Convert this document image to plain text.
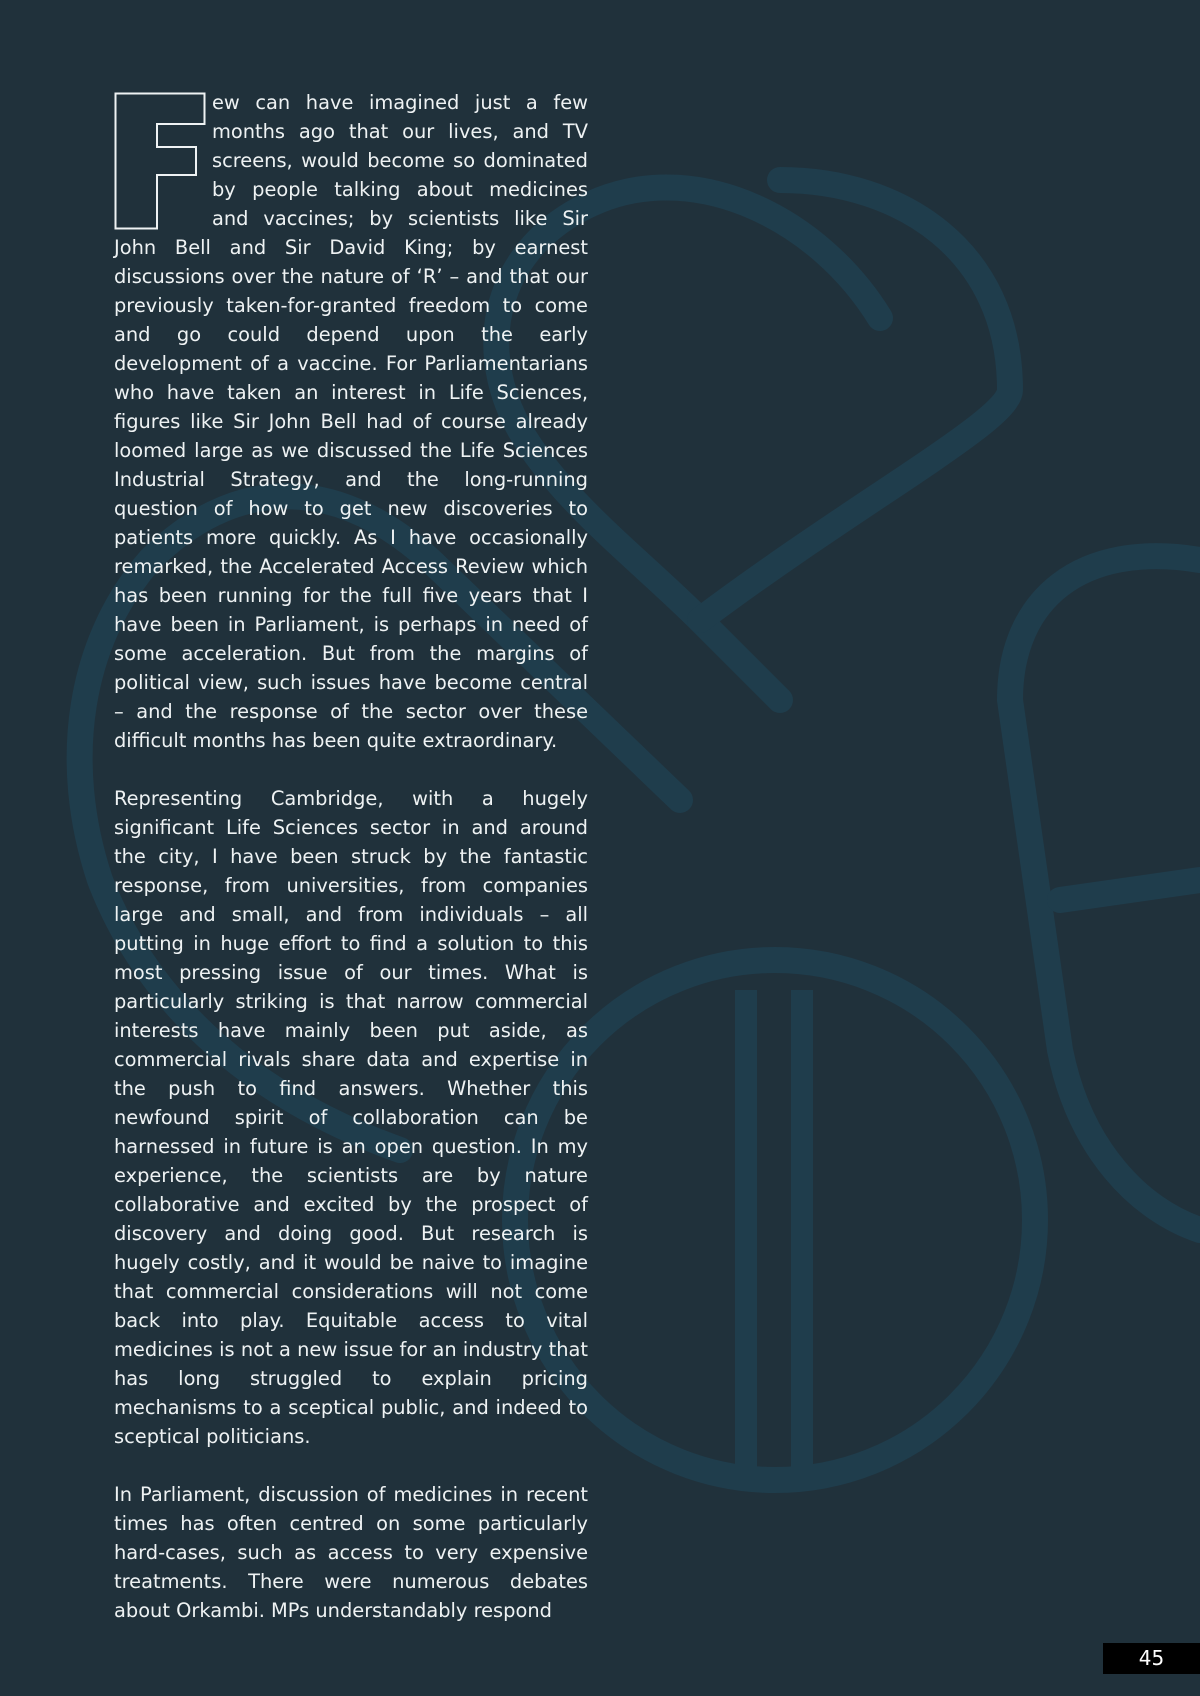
ew can have imagined just a few months ago that our lives, and TV screens, would become so dominated by people talking about medicines and vaccines; by scientists like Sir John Bell and Sir David King; by earnest discussions over the nature of ‘R’ – and that our previously taken-for-granted freedom to come and go could depend upon the early development of a vaccine. For Parliamentarians who have taken an interest in Life Sciences, figures like Sir John Bell had of course already loomed large as we discussed the Life Sciences Industrial Strategy, and the long-running question of how to get new discoveries to patients more quickly. As I have occasionally remarked, the Accelerated Access Review which has been running for the full five years that I have been in Parliament, is perhaps in need of some acceleration. But from the margins of political view, such issues have become central – and the response of the sector over these difficult months has been quite extraordinary.

Representing Cambridge, with a hugely significant Life Sciences sector in and around the city, I have been struck by the fantastic response, from universities, from companies large and small, and from individuals – all putting in huge effort to find a solution to this most pressing issue of our times. What is particularly striking is that narrow commercial interests have mainly been put aside, as commercial rivals share data and expertise in the push to find answers. Whether this newfound spirit of collaboration can be harnessed in future is an open question. In my experience, the scientists are by nature collaborative and excited by the prospect of discovery and doing good. But research is hugely costly, and it would be naive to imagine that commercial considerations will not come back into play. Equitable access to vital medicines is not a new issue for an industry that has long struggled to explain pricing mechanisms to a sceptical public, and indeed to sceptical politicians.

In Parliament, discussion of medicines in recent times has often centred on some particularly hard-cases, such as access to very expensive treatments. There were numerous debates about Orkambi. MPs understandably respond

45
